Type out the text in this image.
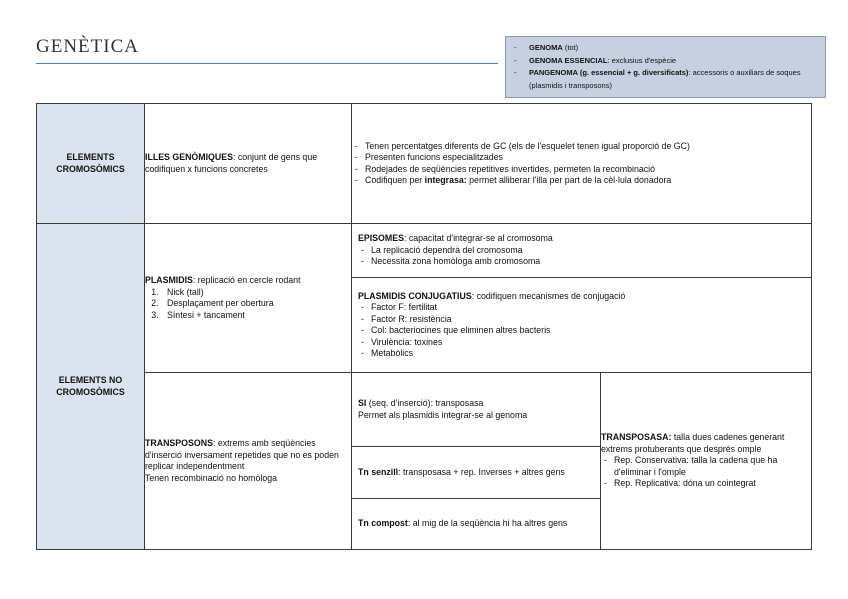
GENÈTICA
-	GENOMA (tot)
- GENOMA ESSENCIAL: exclusius d'espècie
- PANGENOMA (g. essencial + g. diversificats): accessoris o auxiliars de soques (plasmidis i transposons)
ELEMENTS CROMOSÒMICS	ILLES GENÒMIQUES: conjunt de gens que codifiquen x funcions concretes	
- Tenen percentatges diferents de GC (els de l'esquelet tenen igual proporció de GC)
- Presenten funcions especialitzades
- Rodejades de seqüències repetitives invertides, permeten la recombinació
- Codifiquen per integrasa: permet alliberar l'illa per part de la cèl·lula donadora

ELEMENTS NO CROMOSÒMICS	
PLASMIDIS: replicació en cercle rodant
1. Nick (tall)
2. Desplaçament per obertura
3. Síntesi + tancament

EPISOMES: capacitat d'integrar-se al cromosoma
- La replicació dependrà del cromosoma
- Necessita zona homòloga amb cromosoma
PLASMIDIS CONJUGATIUS: codifiquen mecanismes de conjugació
- Factor F: fertilitat
- Factor R: resistència
- Col: bacteriocines que eliminen altres bacteris
- Virulència: toxines
- Metabòlics

TRANSPOSONS: extrems amb seqüències d'inserció inversament repetides que no es poden replicar independentment
Tenen recombinació no homòloga

SI (seq. d'inserció): transposasa
Permet als plasmidis integrar-se al genoma
Tn senzill: transposasa + rep. Inverses + altres gens
Tn compost: al mig de la seqüència hi ha altres gens

TRANSPOSASA: talla dues cadenes generant extrems protuberants que després omple
- Rep. Conservativa: talla la cadena que ha d'eliminar i l'omple
- Rep. Replicativa: dóna un cointegrat
